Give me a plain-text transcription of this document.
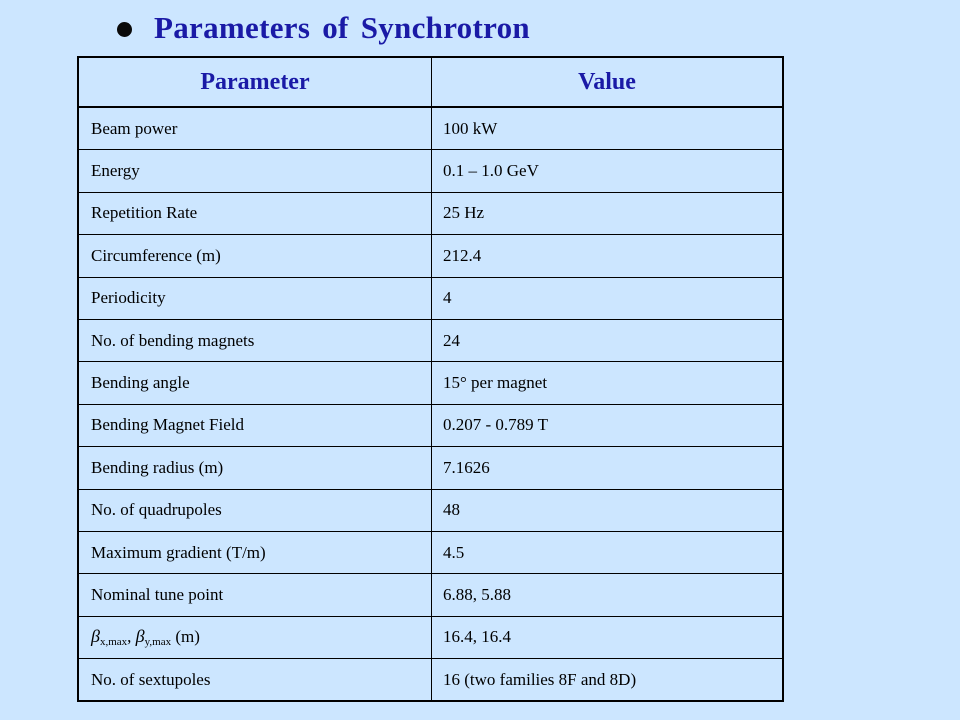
Parameters of Synchrotron
Parameter	Value
Beam power	100 kW
Energy	0.1 – 1.0 GeV
Repetition Rate	25 Hz
Circumference (m)	212.4
Periodicity	4
No. of bending magnets	24
Bending angle	15° per magnet
Bending Magnet Field	0.207 - 0.789 T
Bending radius (m)	7.1626
No. of quadrupoles	48
Maximum gradient (T/m)	4.5
Nominal tune point	6.88, 5.88
$\beta_{x,max}$, $\beta_{y,max}$ (m)	16.4, 16.4
No. of sextupoles	16 (two families 8F and 8D)
